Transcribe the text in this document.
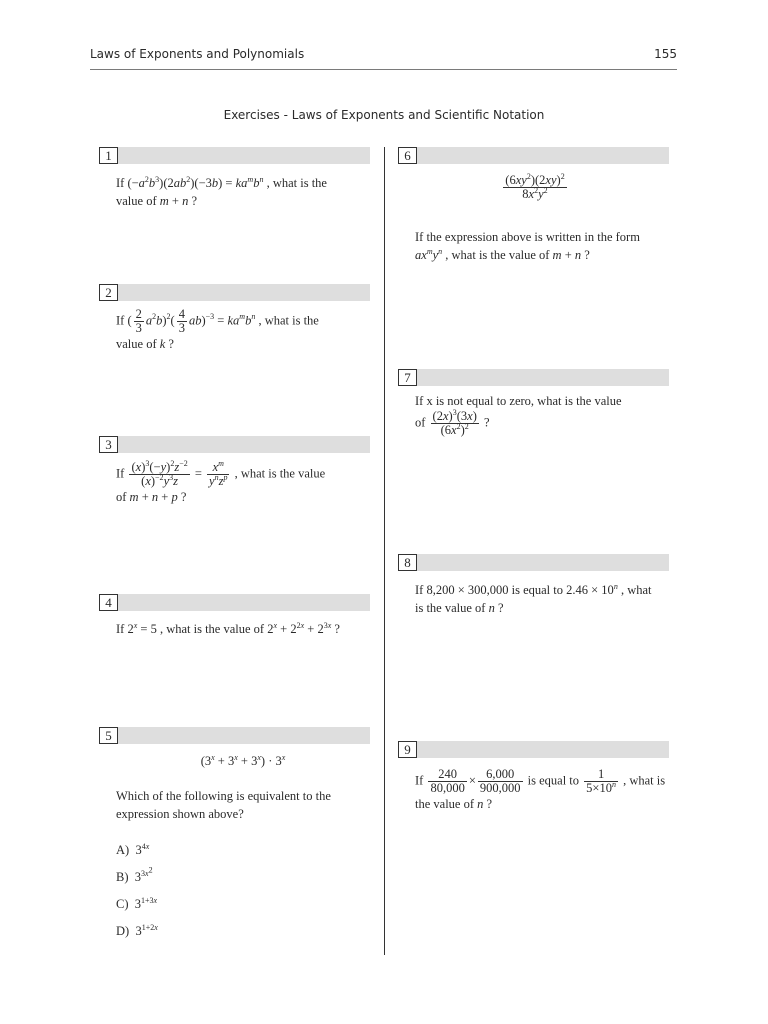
Laws of Exponents and Polynomials	155
Exercises - Laws of Exponents and Scientific Notation
1
2
3
4
5
6
7
8
9
If $(-a^2b^3)(2ab^2)(-3b) = ka^mb^n$ , what is the
value of m + n ?
If ( $\frac{2}{3} a^2b)^2( \frac{4}{3} ab)^{-3} = ka^mb^n$ , what is the
value of k ?
If $\frac{(x)^3(-y)^2z^{-2}}{(x)^{-2}y^3z} = \frac{x^m}{y^nz^p}$ , what is the value
of m + n + p ?
If $2^x = 5$ , what is the value of $2^x + 2^{2x} + 2^{3x}$ ?
$(3^x + 3^x + 3^x) \cdot 3^x$
Which of the following is equivalent to the expression shown above?
A)  $3^{4x}$
B)  $3^{3x^2}$
C)  $3^{1+3x}$
D)  $3^{1+2x}$
$\frac{(6xy^2)(2xy)^2}{8x^2y^2}$
If the expression above is written in the form
$ax^my^n$ , what is the value of m + n ?
If x is not equal to zero, what is the value
of $\frac{(2x)^3(3x)}{(6x^2)^2}$ ?
If 8,200 × 300,000 is equal to $2.46 \times 10^n$ , what
is the value of n ?
If $\frac{240}{80,000} \times \frac{6,000}{900,000}$ is equal to $\frac{1}{5\times 10^n}$ , what is
the value of n ?
